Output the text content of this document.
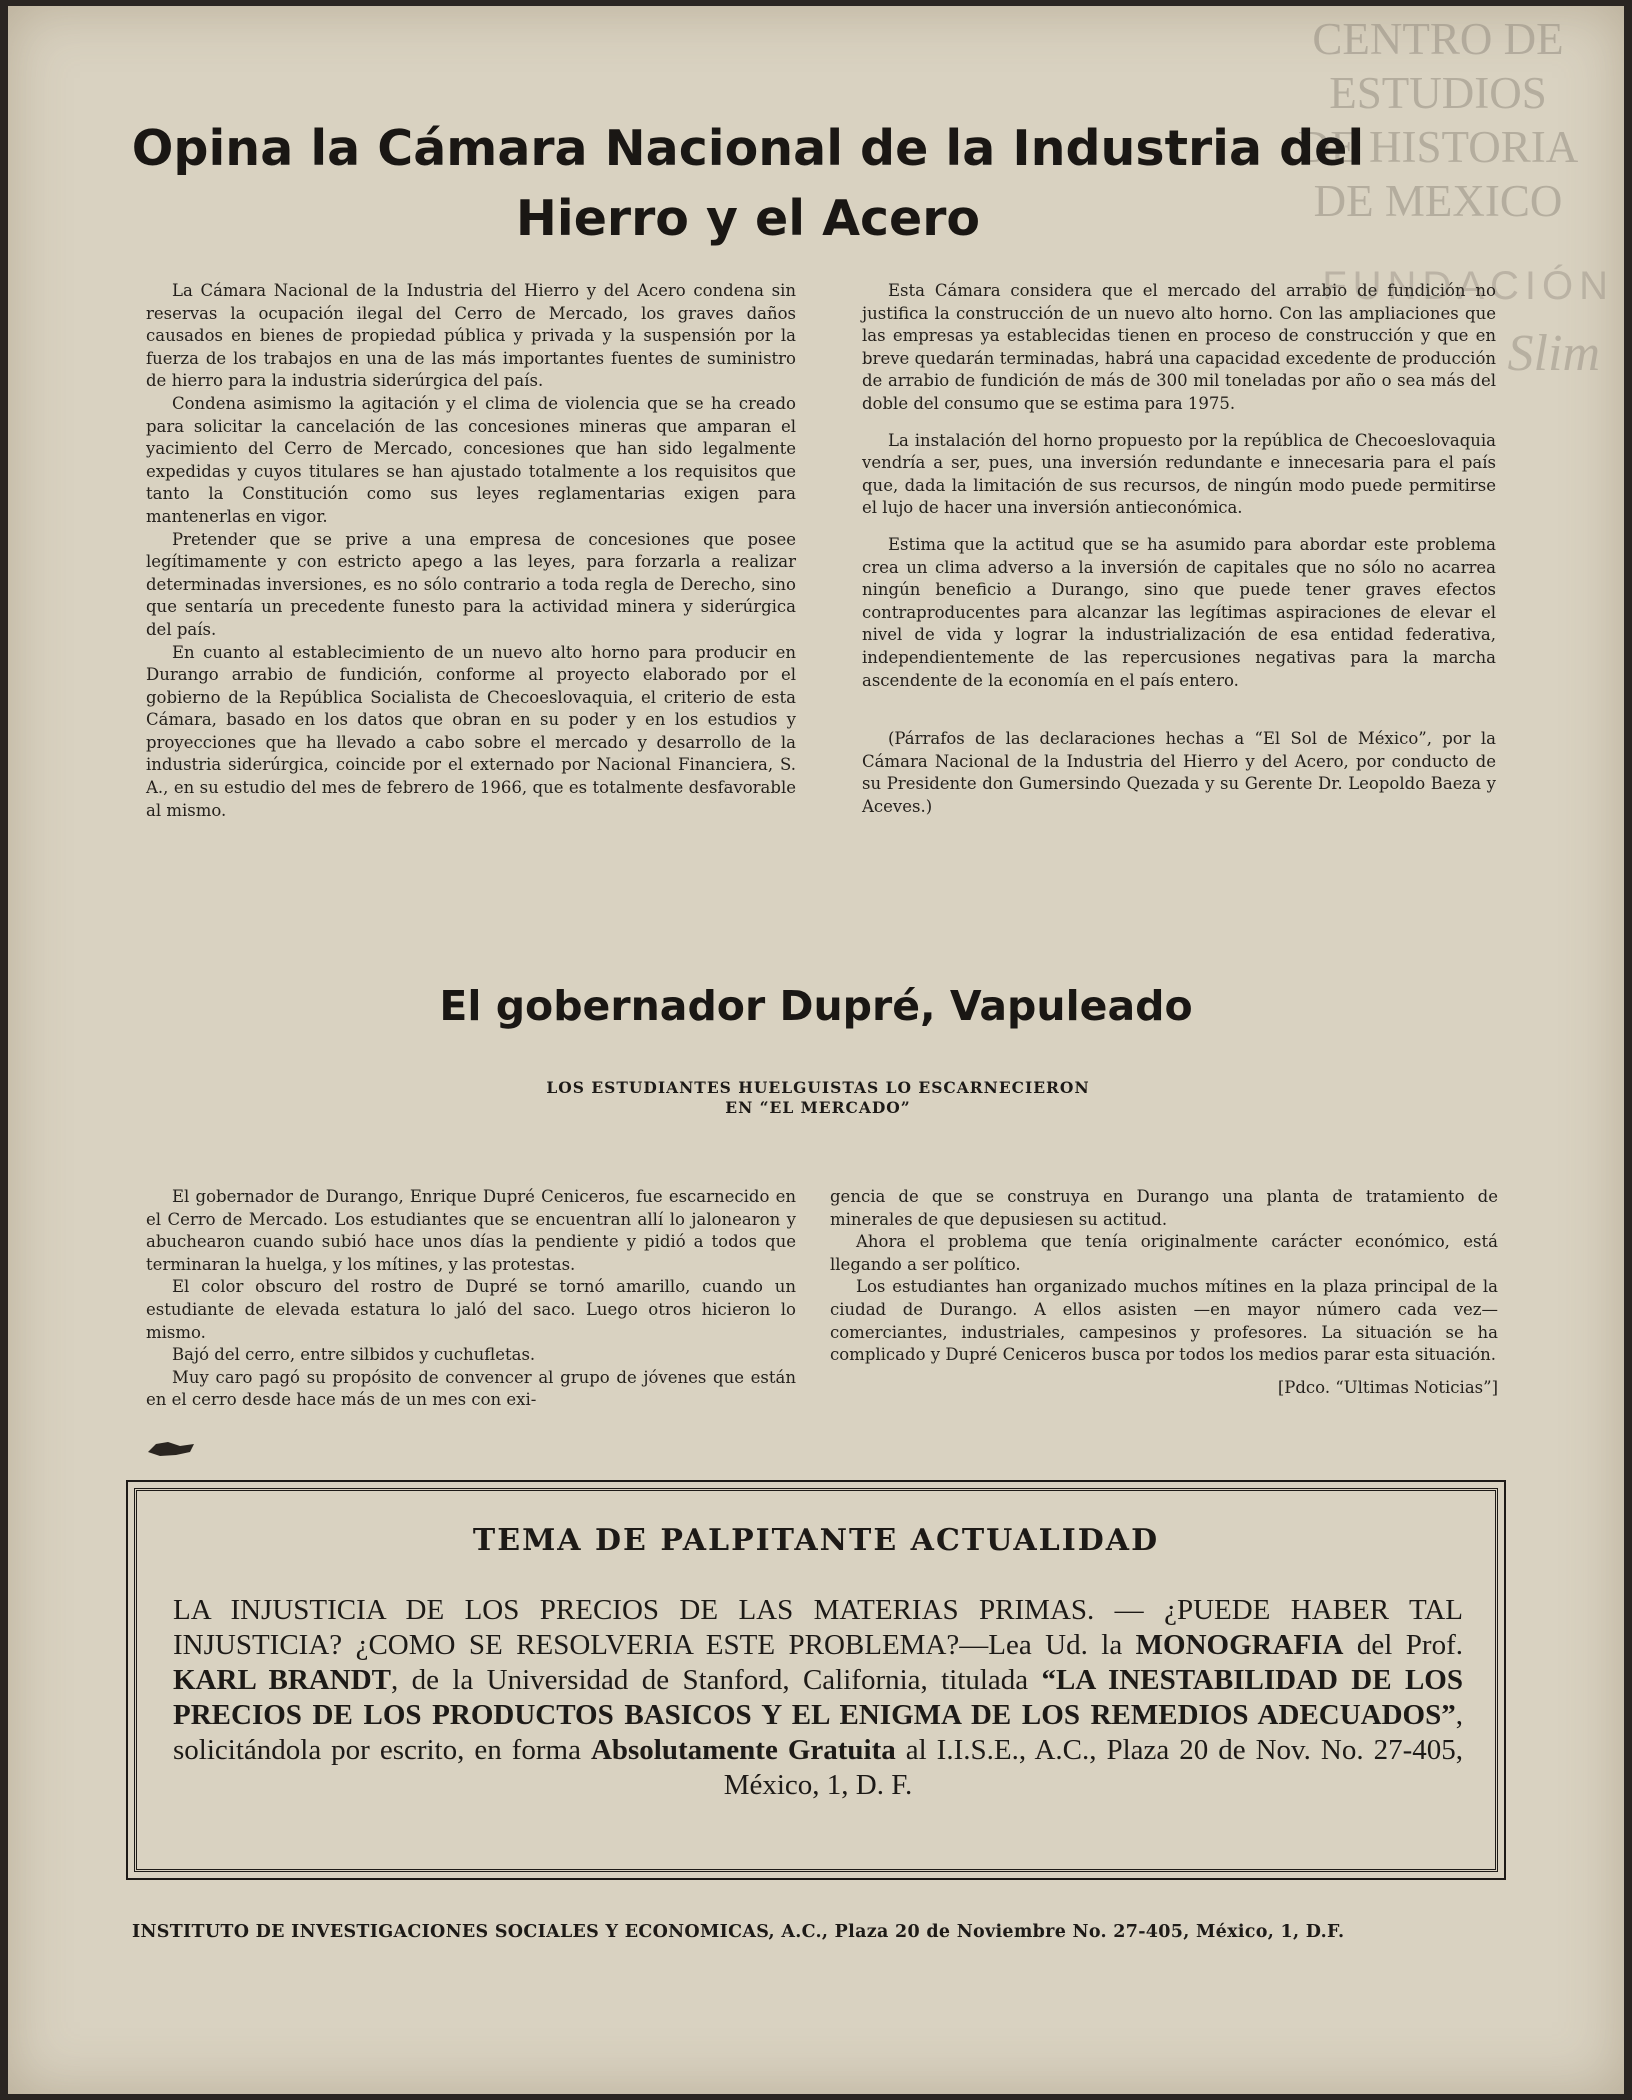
CENTRO DE
ESTUDIOS
DE HISTORIA
DE MEXICO
FUNDACIÓN
Slim
Opina la Cámara Nacional de la Industria del
Hierro y el Acero

La Cámara Nacional de la Industria del Hierro y del Acero condena sin reservas la ocupación ilegal del Cerro de Mercado, los graves daños causados en bienes de propiedad pública y privada y la suspensión por la fuerza de los trabajos en una de las más importantes fuentes de suministro de hierro para la industria siderúrgica del país.

Condena asimismo la agitación y el clima de violencia que se ha creado para solicitar la cancelación de las concesiones mineras que amparan el yacimiento del Cerro de Mercado, concesiones que han sido legalmente expedidas y cuyos titulares se han ajustado totalmente a los requisitos que tanto la Constitución como sus leyes reglamentarias exigen para mantenerlas en vigor.

Pretender que se prive a una empresa de concesiones que posee legítimamente y con estricto apego a las leyes, para forzarla a realizar determinadas inversiones, es no sólo contrario a toda regla de Derecho, sino que sentaría un precedente funesto para la actividad minera y siderúrgica del país.

En cuanto al establecimiento de un nuevo alto horno para producir en Durango arrabio de fundición, conforme al proyecto elaborado por el gobierno de la República Socialista de Checoeslovaquia, el criterio de esta Cámara, basado en los datos que obran en su poder y en los estudios y proyecciones que ha llevado a cabo sobre el mercado y desarrollo de la industria siderúrgica, coincide por el externado por Nacional Financiera, S. A., en su estudio del mes de febrero de 1966, que es totalmente desfavorable al mismo.

Esta Cámara considera que el mercado del arrabio de fundición no justifica la construcción de un nuevo alto horno. Con las ampliaciones que las empresas ya establecidas tienen en proceso de construcción y que en breve quedarán terminadas, habrá una capacidad excedente de producción de arrabio de fundición de más de 300 mil toneladas por año o sea más del doble del consumo que se estima para 1975.

La instalación del horno propuesto por la república de Checoeslovaquia vendría a ser, pues, una inversión redundante e innecesaria para el país que, dada la limitación de sus recursos, de ningún modo puede permitirse el lujo de hacer una inversión antieconómica.

Estima que la actitud que se ha asumido para abordar este problema crea un clima adverso a la inversión de capitales que no sólo no acarrea ningún beneficio a Durango, sino que puede tener graves efectos contraproducentes para alcanzar las legítimas aspiraciones de elevar el nivel de vida y lograr la industrialización de esa entidad federativa, independientemente de las repercusiones negativas para la marcha ascendente de la economía en el país entero.

(Párrafos de las declaraciones hechas a “El Sol de México”, por la Cámara Nacional de la Industria del Hierro y del Acero, por conducto de su Presidente don Gumersindo Quezada y su Gerente Dr. Leopoldo Baeza y Aceves.)

El gobernador Dupré, Vapuleado
LOS ESTUDIANTES HUELGUISTAS LO ESCARNECIERON
EN “EL MERCADO”

El gobernador de Durango, Enrique Dupré Ceniceros, fue escarnecido en el Cerro de Mercado. Los estudiantes que se encuentran allí lo jalonearon y abuchearon cuando subió hace unos días la pendiente y pidió a todos que terminaran la huelga, y los mítines, y las protestas.

El color obscuro del rostro de Dupré se tornó amarillo, cuando un estudiante de elevada estatura lo jaló del saco. Luego otros hicieron lo mismo.

Bajó del cerro, entre silbidos y cuchufletas.

Muy caro pagó su propósito de convencer al grupo de jóvenes que están en el cerro desde hace más de un mes con exi-

gencia de que se construya en Durango una planta de tratamiento de minerales de que depusiesen su actitud.

Ahora el problema que tenía originalmente carácter económico, está llegando a ser político.

Los estudiantes han organizado muchos mítines en la plaza principal de la ciudad de Durango. A ellos asisten —en mayor número cada vez— comerciantes, industriales, campesinos y profesores. La situación se ha complicado y Dupré Ceniceros busca por todos los medios parar esta situación.

[Pdco. “Ultimas Noticias”]
TEMA DE PALPITANTE ACTUALIDAD
LA INJUSTICIA DE LOS PRECIOS DE LAS MATERIAS PRIMAS. — ¿PUEDE HABER TAL INJUSTICIA? ¿COMO SE RESOLVERIA ESTE PROBLEMA?—Lea Ud. la MONOGRAFIA del Prof. KARL BRANDT, de la Universidad de Stanford, California, titulada “LA INESTABILIDAD DE LOS PRECIOS DE LOS PRODUCTOS BASICOS Y EL ENIGMA DE LOS REMEDIOS ADECUADOS”, solicitándola por escrito, en forma Absolutamente Gratuita al I.I.S.E., A.C., Plaza 20 de Nov. No. 27-405, México, 1, D. F.
INSTITUTO DE INVESTIGACIONES SOCIALES Y ECONOMICAS, A.C., Plaza 20 de Noviembre No. 27-405, México, 1, D.F.
